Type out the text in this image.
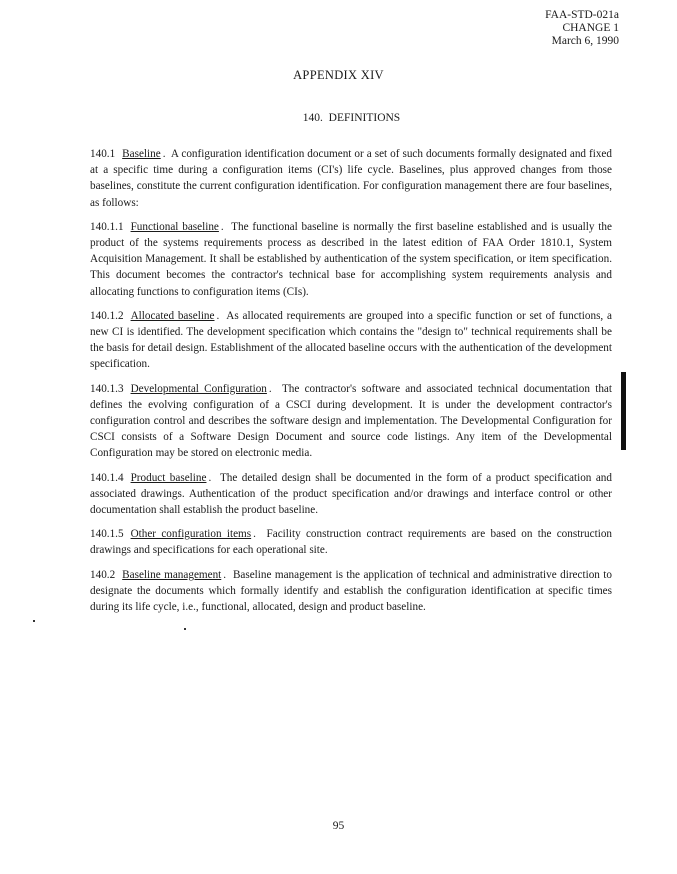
FAA-STD-021a
CHANGE 1
March 6, 1990
APPENDIX XIV
140.  DEFINITIONS

140.1 Baseline .  A configuration identification document or a set of such documents formally designated and fixed at a specific time during a configuration items (CI's) life cycle. Baselines, plus approved changes from those baselines, constitute the current configuration identification. For configuration management there are four baselines, as follows:

140.1.1 Functional baseline .  The functional baseline is normally the first baseline established and is usually the product of the systems requirements process as described in the latest edition of FAA Order 1810.1, System Acquisition Management. It shall be established by authentication of the system specification, or item specification. This document becomes the contractor's technical base for accomplishing system requirements analysis and allocating functions to configuration items (CIs).

140.1.2 Allocated baseline .  As allocated requirements are grouped into a specific function or set of functions, a new CI is identified. The development specification which contains the "design to" technical requirements shall be the basis for detail design. Establishment of the allocated baseline occurs with the authentication of the development specification.

140.1.3 Developmental Configuration .  The contractor's software and associated technical documentation that defines the evolving configuration of a CSCI during development. It is under the development contractor's configuration control and describes the software design and implementation. The Developmental Configuration for CSCI consists of a Software Design Document and source code listings. Any item of the Developmental Configuration may be stored on electronic media.

140.1.4 Product baseline .  The detailed design shall be documented in the form of a product specification and associated drawings. Authentication of the product specification and/or drawings and interface control or other documentation shall establish the product baseline.

140.1.5 Other configuration items .  Facility construction contract requirements are based on the construction drawings and specifications for each operational site.

140.2 Baseline management .  Baseline management is the application of technical and administrative direction to designate the documents which formally identify and establish the configuration identification at specific times during its life cycle, i.e., functional, allocated, design and product baseline.

95
